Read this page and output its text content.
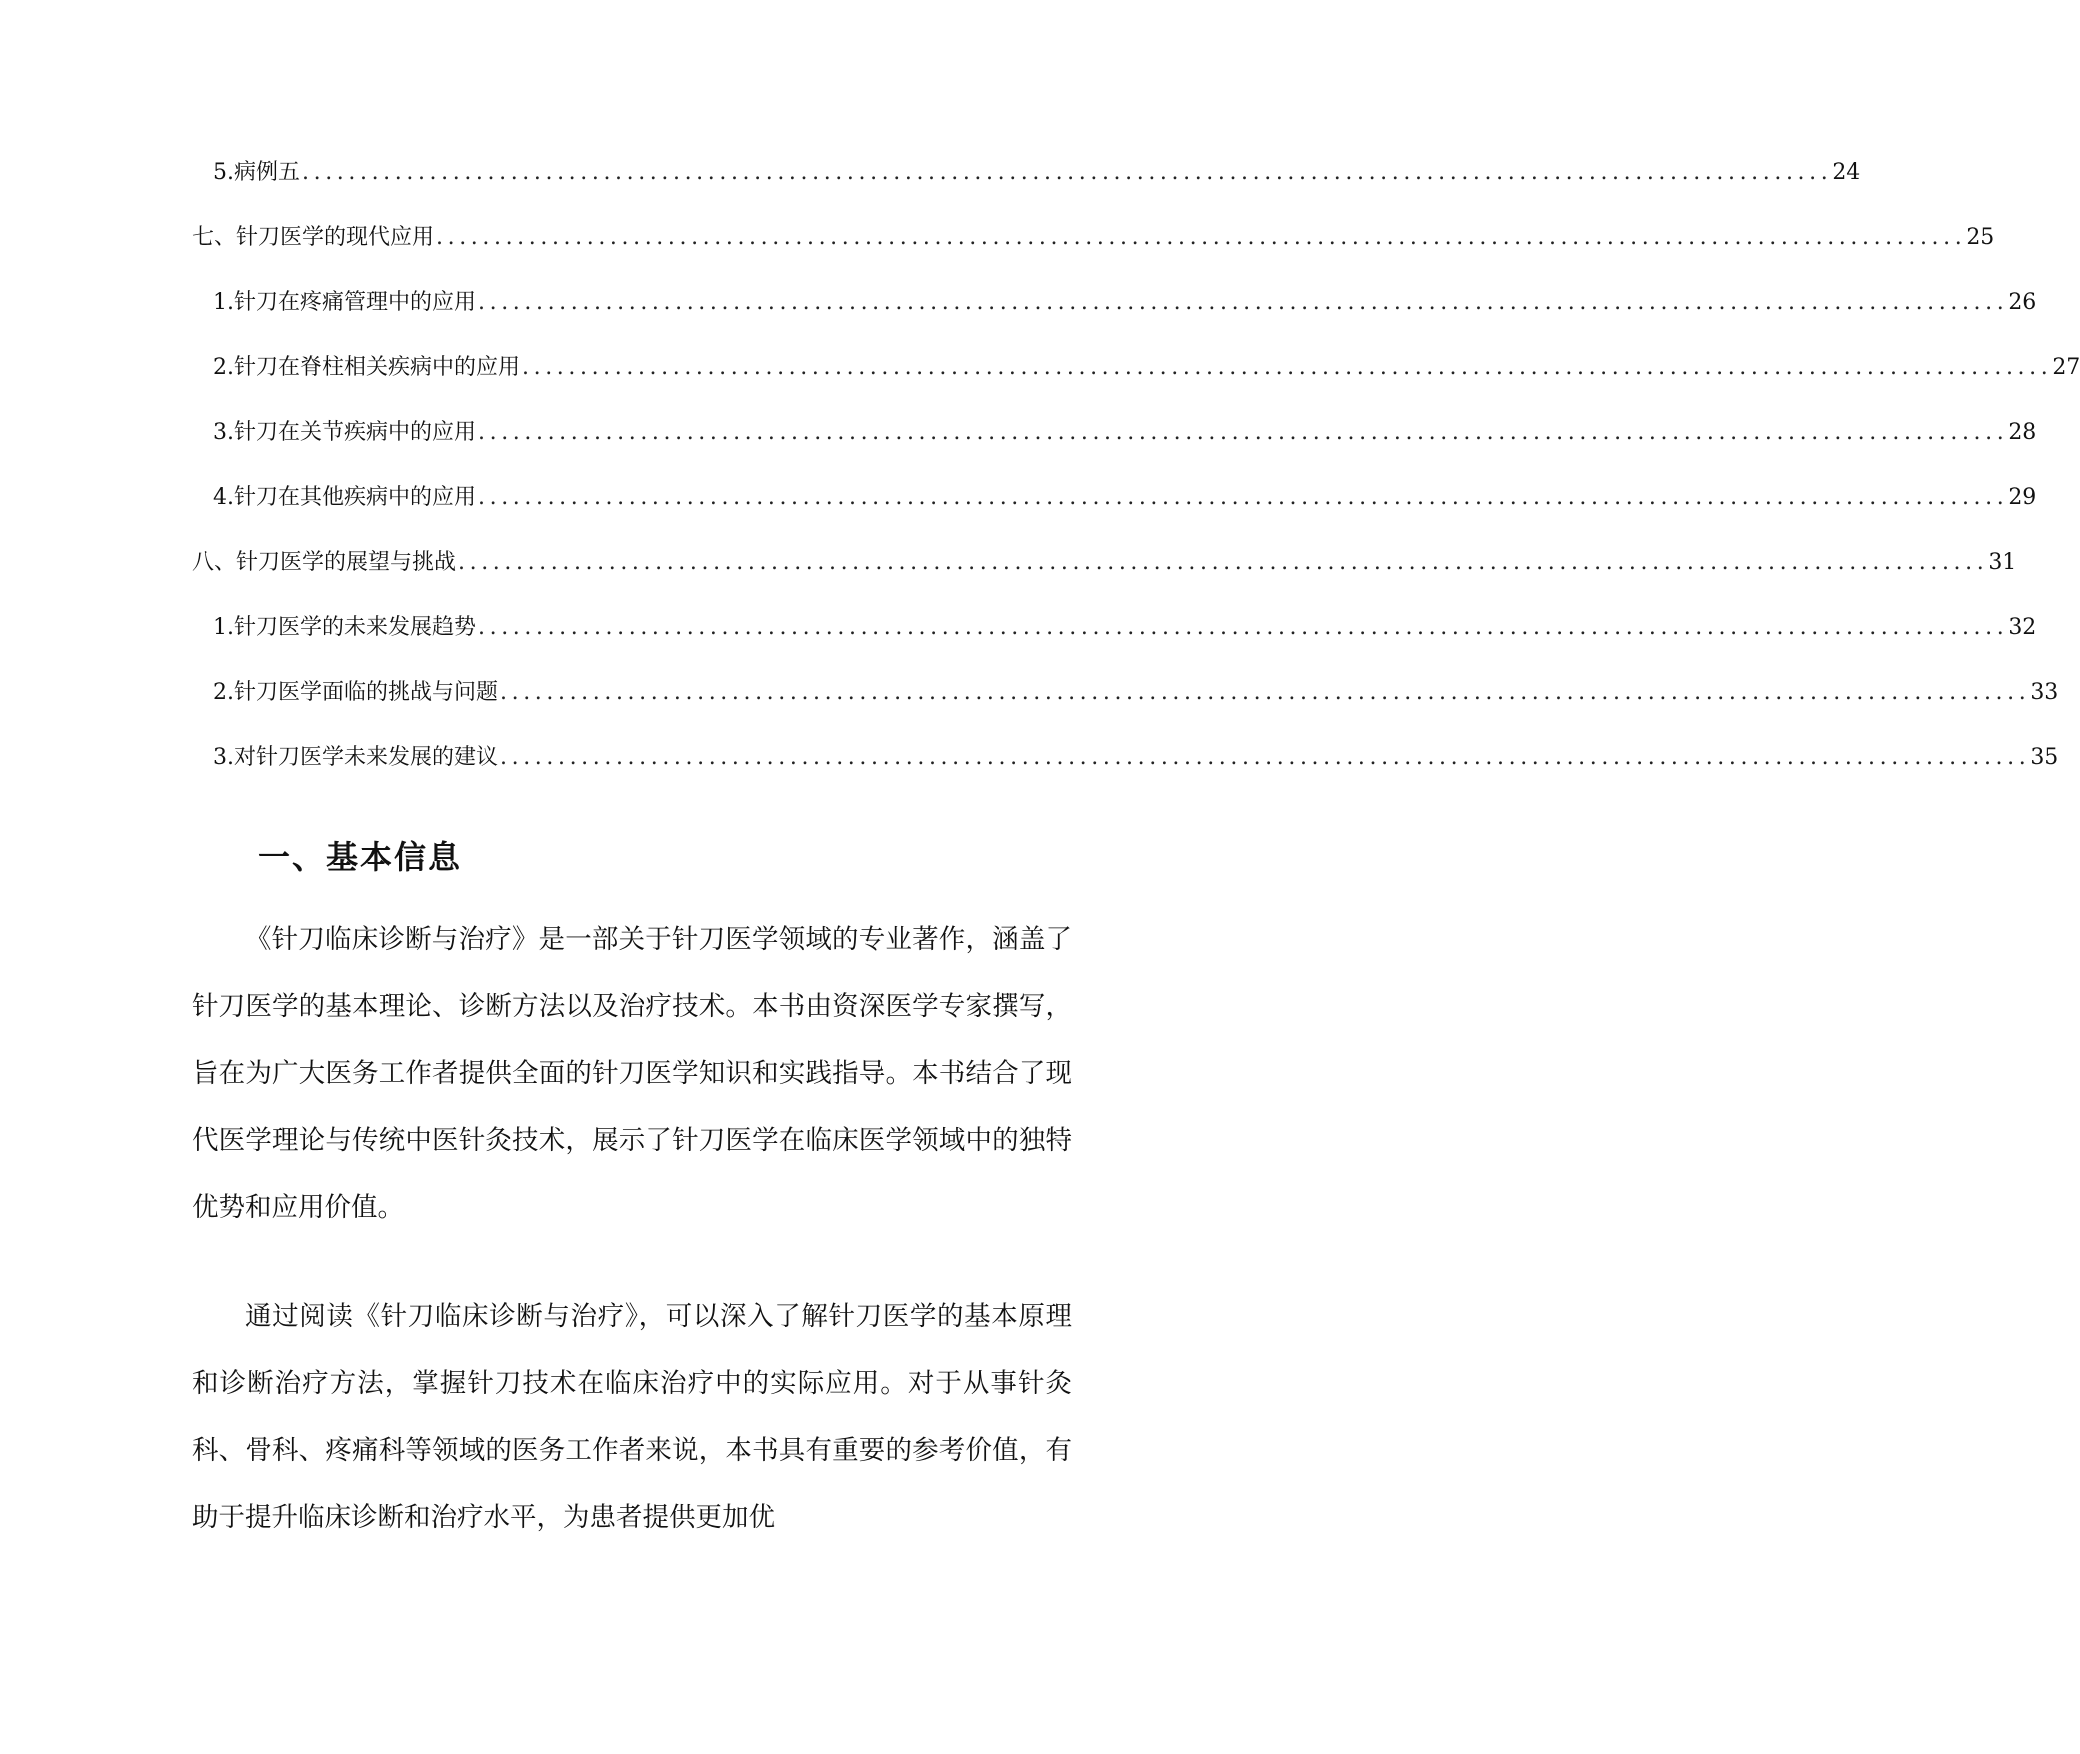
5. 病例五 .................................................................................................................................... 24
七、针刀医学的现代应用 .................................................................................................................................... 25
1. 针刀在疼痛管理中的应用 .................................................................................................................................... 26
2. 针刀在脊柱相关疾病中的应用 .................................................................................................................................... 27
3. 针刀在关节疾病中的应用 .................................................................................................................................... 28
4. 针刀在其他疾病中的应用 .................................................................................................................................... 29
八、针刀医学的展望与挑战 .................................................................................................................................... 31
1. 针刀医学的未来发展趋势 .................................................................................................................................... 32
2. 针刀医学面临的挑战与问题 .................................................................................................................................... 33
3. 对针刀医学未来发展的建议 .................................................................................................................................... 35
一、基本信息

《针刀临床诊断与治疗》是一部关于针刀医学领域的专业著作，涵盖了针刀医学的基本理论、诊断方法以及治疗技术。本书由资深医学专家撰写，旨在为广大医务工作者提供全面的针刀医学知识和实践指导。本书结合了现代医学理论与传统中医针灸技术，展示了针刀医学在临床医学领域中的独特优势和应用价值。

通过阅读《针刀临床诊断与治疗》，可以深入了解针刀医学的基本原理和诊断治疗方法，掌握针刀技术在临床治疗中的实际应用。对于从事针灸科、骨科、疼痛科等领域的医务工作者来说，本书具有重要的参考价值，有助于提升临床诊断和治疗水平，为患者提供更加优
